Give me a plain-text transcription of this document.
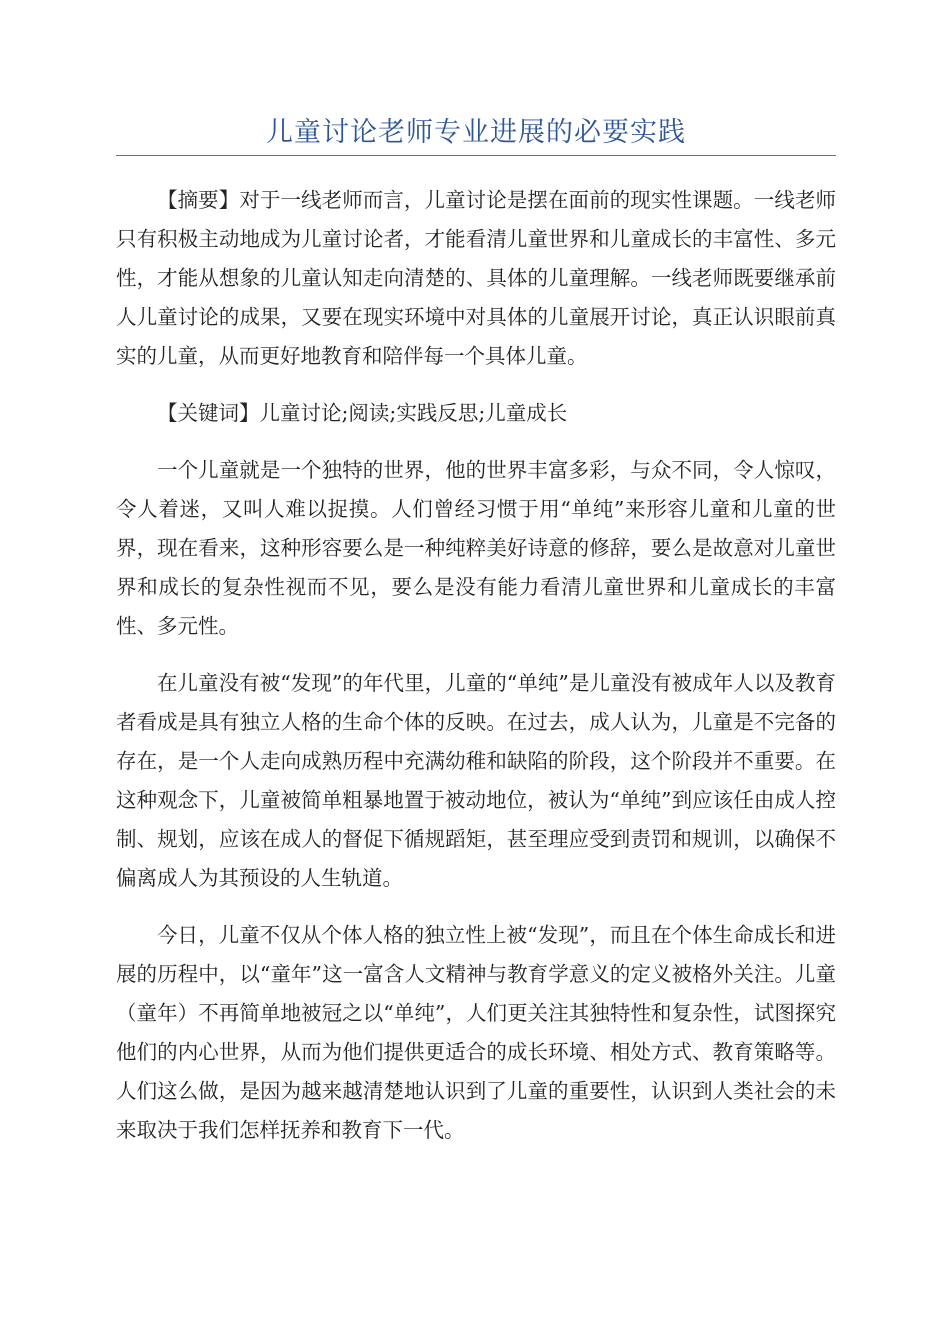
儿童讨论老师专业进展的必要实践

【摘要】对于一线老师而言，儿童讨论是摆在面前的现实性课题。一线老师只有积极主动地成为儿童讨论者，才能看清儿童世界和儿童成长的丰富性、多元性，才能从想象的儿童认知走向清楚的、具体的儿童理解。一线老师既要继承前人儿童讨论的成果，又要在现实环境中对具体的儿童展开讨论，真正认识眼前真实的儿童，从而更好地教育和陪伴每一个具体儿童。

【关键词】儿童讨论;阅读;实践反思;儿童成长

一个儿童就是一个独特的世界，他的世界丰富多彩，与众不同，令人惊叹，令人着迷，又叫人难以捉摸。人们曾经习惯于用“单纯”来形容儿童和儿童的世界，现在看来，这种形容要么是一种纯粹美好诗意的修辞，要么是故意对儿童世界和成长的复杂性视而不见，要么是没有能力看清儿童世界和儿童成长的丰富性、多元性。

在儿童没有被“发现”的年代里，儿童的“单纯”是儿童没有被成年人以及教育者看成是具有独立人格的生命个体的反映。在过去，成人认为，儿童是不完备的存在，是一个人走向成熟历程中充满幼稚和缺陷的阶段，这个阶段并不重要。在这种观念下，儿童被简单粗暴地置于被动地位，被认为“单纯”到应该任由成人控制、规划，应该在成人的督促下循规蹈矩，甚至理应受到责罚和规训，以确保不偏离成人为其预设的人生轨道。

今日，儿童不仅从个体人格的独立性上被“发现”，而且在个体生命成长和进展的历程中，以“童年”这一富含人文精神与教育学意义的定义被格外关注。儿童（童年）不再简单地被冠之以“单纯”，人们更关注其独特性和复杂性，试图探究他们的内心世界，从而为他们提供更适合的成长环境、相处方式、教育策略等。人们这么做，是因为越来越清楚地认识到了儿童的重要性，认识到人类社会的未来取决于我们怎样抚养和教育下一代。
